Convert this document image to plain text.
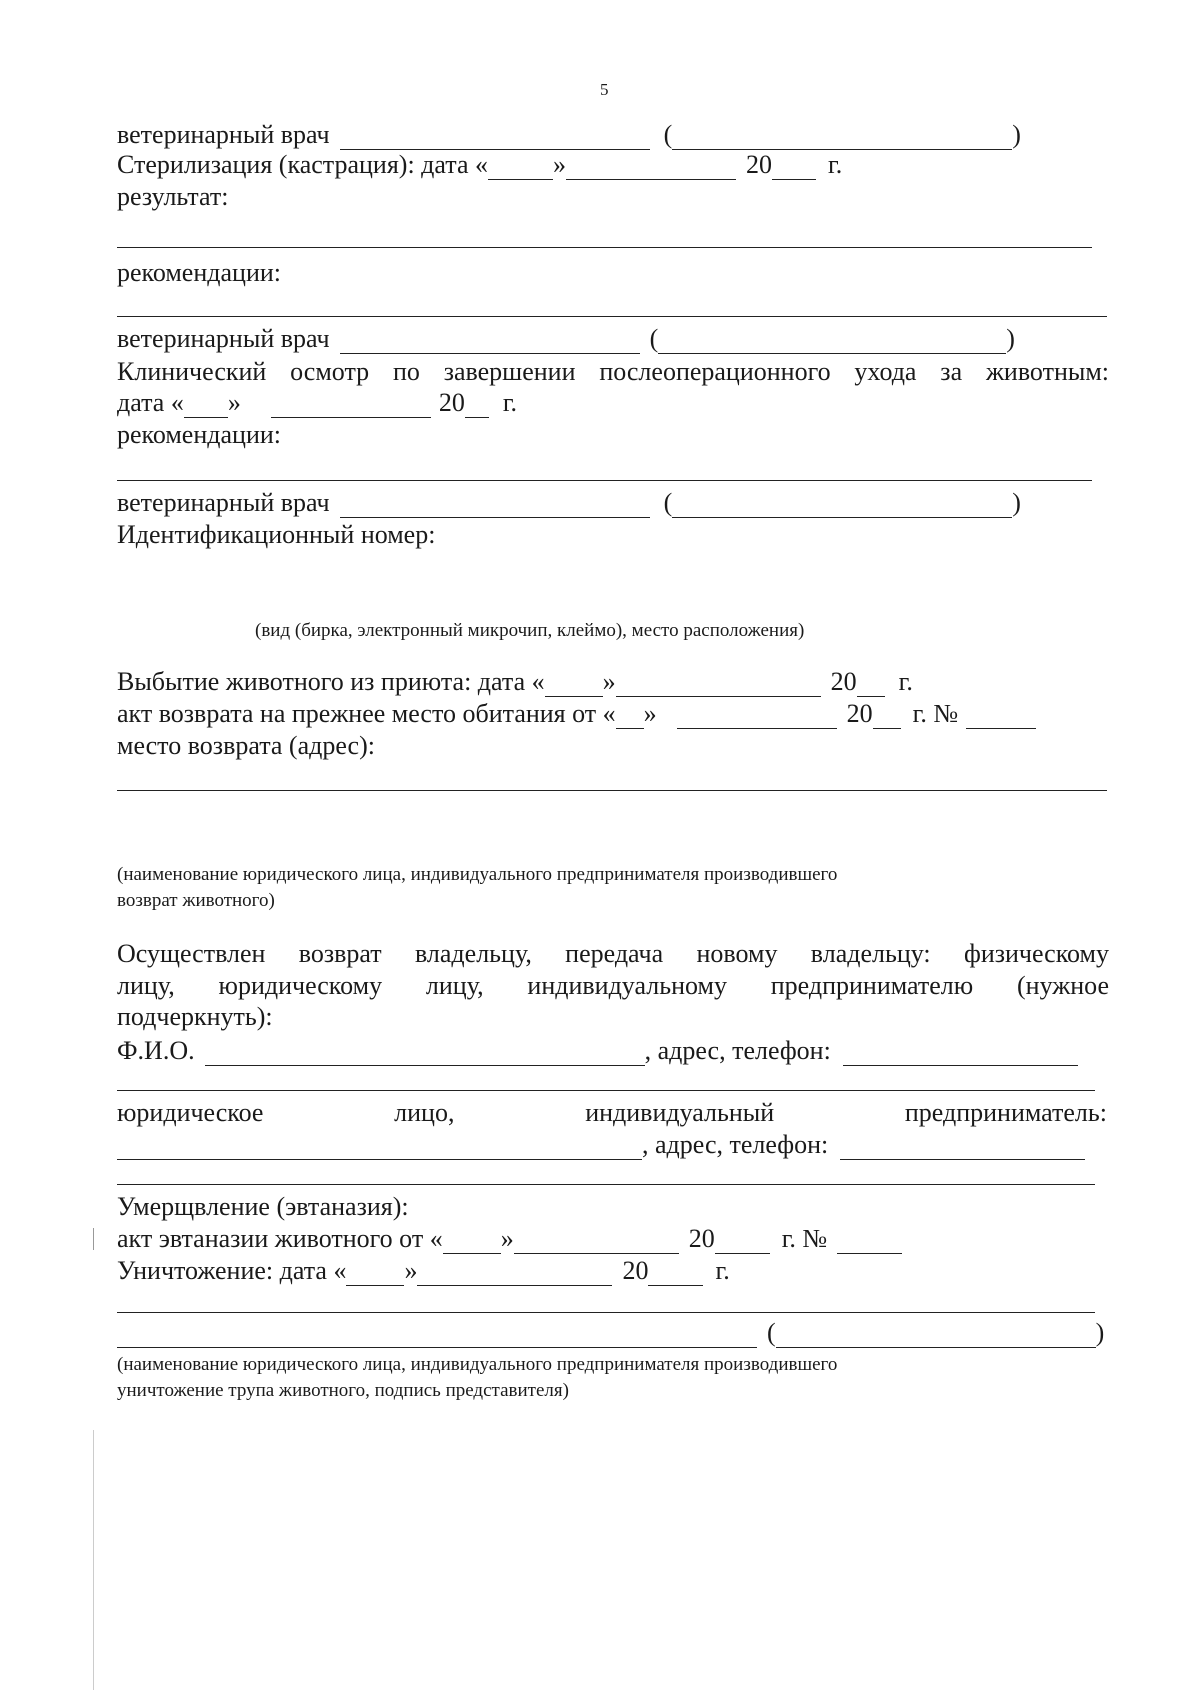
5
ветеринарный врач	(	)
Стерилизация (кастрация): дата «	»	20 г.
результат:
рекомендации:
ветеринарный врач	(	)
Клинический осмотр по завершении послеоперационного ухода за животным:
дата « »	20 г.
рекомендации:
ветеринарный врач	(	)
Идентификационный номер:
(вид (бирка, электронный микрочип, клеймо), место расположения)
Выбытие животного из приюта: дата « »	20 г.
акт возврата на прежнее место обитания от « »	20 г. №
место возврата (адрес):
(наименование юридического лица, индивидуального предпринимателя производившего
возврат животного)
Осуществлен возврат владельцу, передача новому владельцу: физическому
лицу, юридическому лицу, индивидуальному предпринимателю (нужное
подчеркнуть):
Ф.И.О.	, адрес, телефон:
юридическое	лицо,	индивидуальный	предприниматель:
, адрес, телефон:
Умерщвление (эвтаназия):
акт эвтаназии животного от « »	20	г. №
Уничтожение: дата « »	20	г.
(	)
(наименование юридического лица, индивидуального предпринимателя производившего
уничтожение трупа животного, подпись представителя)
